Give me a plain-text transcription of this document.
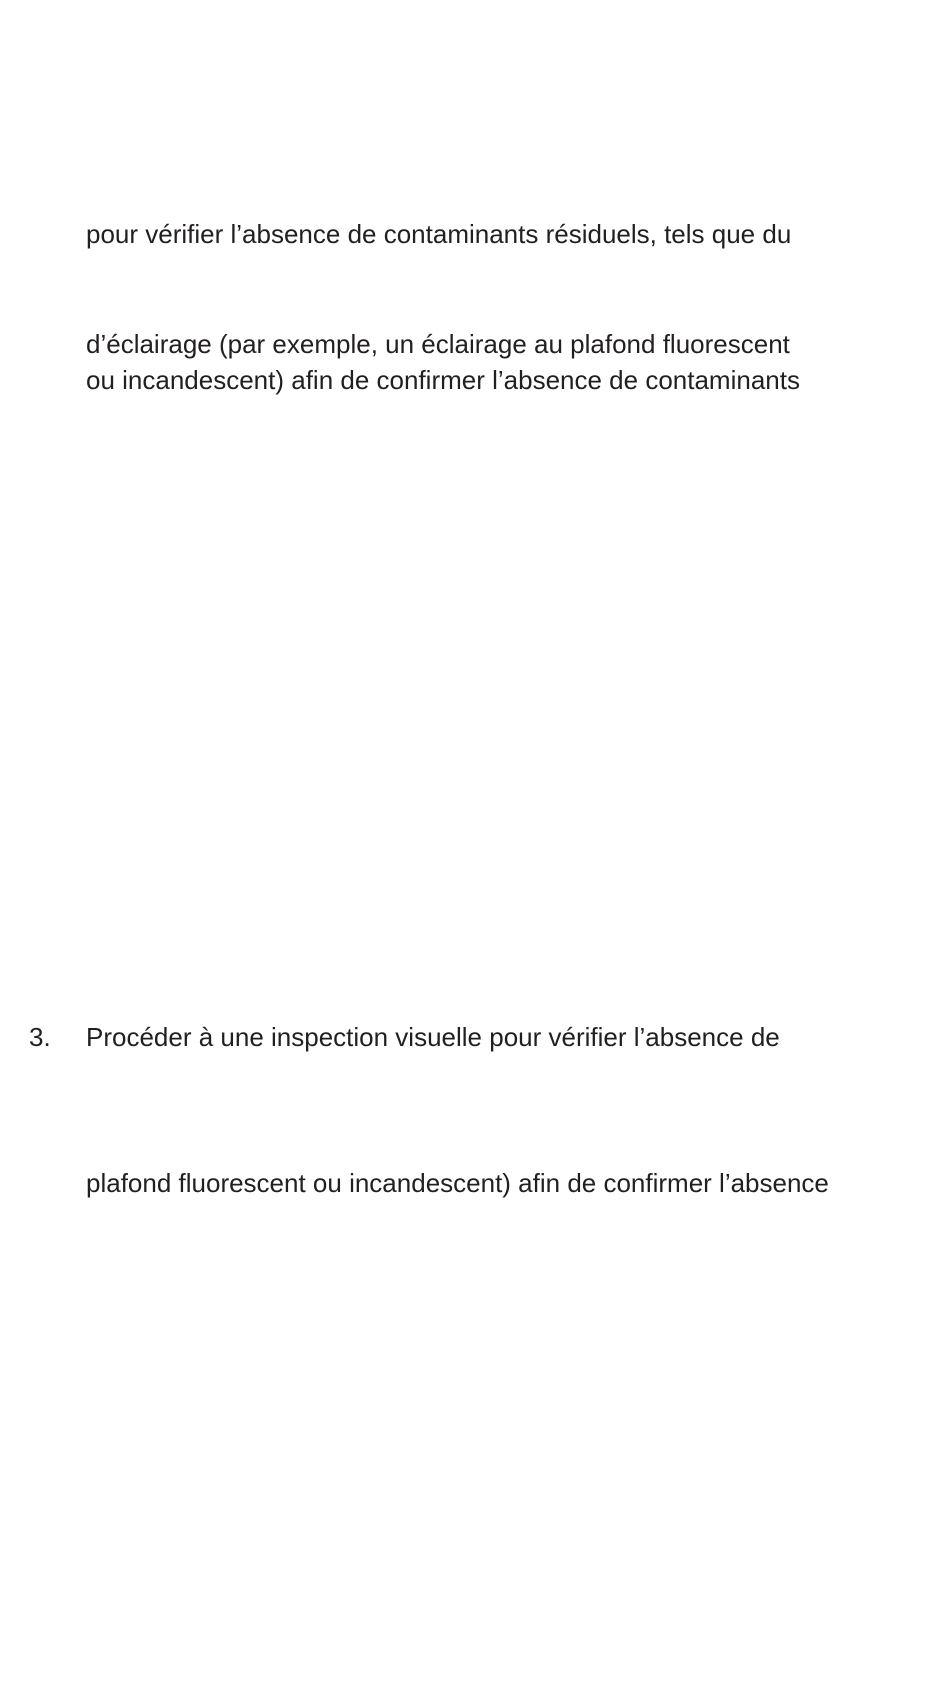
pour vérifier l’absence de contaminants résiduels, tels que du

d’éclairage (par exemple, un éclairage au plafond fluorescent

ou incandescent) afin de confirmer l’absence de contaminants

3. Procéder à une inspection visuelle pour vérifier l’absence de

plafond fluorescent ou incandescent) afin de confirmer l’absence
